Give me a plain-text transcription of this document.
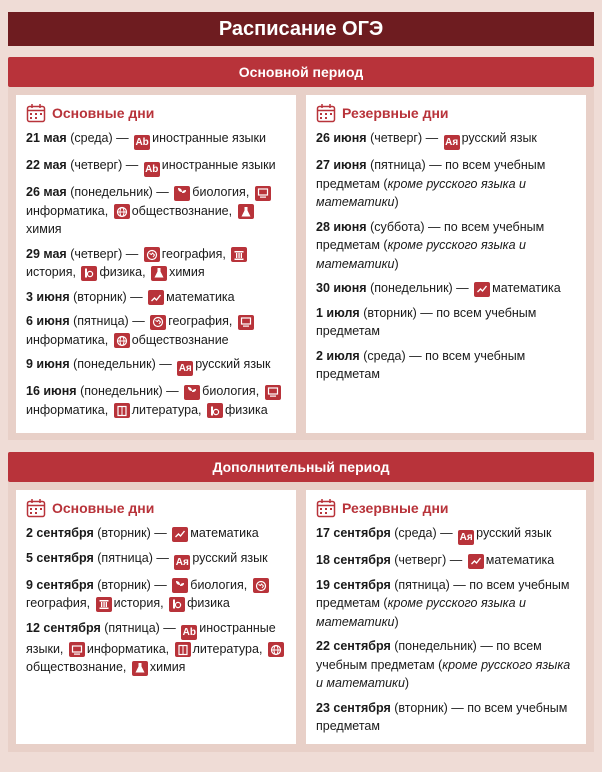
Расписание ОГЭ
Основной период
Основные дни
21 мая (среда) — Ab иностранные языки
22 мая (четверг) — Ab иностранные языки
26 мая (понедельник) — биология, информатика, обществознание, химия
29 мая (четверг) — география, история, физика, химия
3 июня (вторник) — математика
6 июня (пятница) — география, информатика, обществознание
9 июня (понедельник) — Ая русский язык
16 июня (понедельник) — биология, информатика, литература, физика
Резервные дни
26 июня (четверг) — Ая русский язык
27 июня (пятница) — по всем учебным предметам (кроме русского языка и математики)
28 июня (суббота) — по всем учебным предметам (кроме русского языка и математики)
30 июня (понедельник) — математика
1 июля (вторник) — по всем учебным предметам
2 июля (среда) — по всем учебным предметам
Дополнительный период
Основные дни
2 сентября (вторник) — математика
5 сентября (пятница) — Ая русский язык
9 сентября (вторник) — биология, география, история, физика
12 сентября (пятница) — Ab иностранные языки, информатика, литература, обществознание, химия
Резервные дни
17 сентября (среда) — Ая русский язык
18 сентября (четверг) — математика
19 сентября (пятница) — по всем учебным предметам (кроме русского языка и математики)
22 сентября (понедельник) — по всем учебным предметам (кроме русского языка и математики)
23 сентября (вторник) — по всем учебным предметам
